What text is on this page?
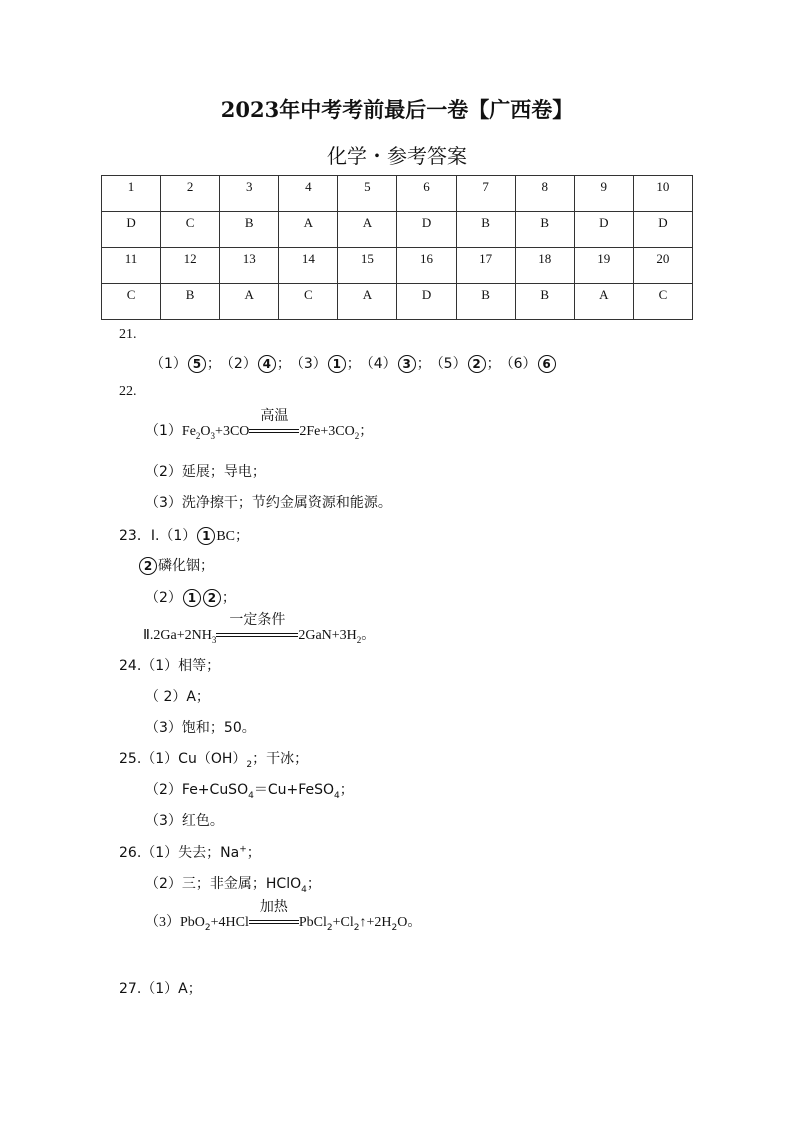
2023年中考考前最后一卷【广西卷】
化学・参考答案
1	2	3	4	5	6	7	8	9	10
D	C	B	A	A	D	B	B	D	D
11	12	13	14	15	16	17	18	19	20
C	B	A	C	A	D	B	B	A	C
21.
（1） 5 ； （2） 4 ； （3） 1 ； （4） 3 ； （5） 2 ； （6） 6
22.
$(1)Fe_2O_3+3CO$
高温
$2Fe+3CO_2$；
（2）延展；导电；
（3）洗净擦干；节约金属资源和能源。
23．Ⅰ.（1） 1 BC；
2 磷化铟；
（2） 1 2 ；
$Ⅱ.2Ga+2NH_3$
一定条件
$2GaN+3H_2$。
24.（1）相等；
（ 2）A；
（3）饱和；50。
$25.(1)Cu(OH)_2$；干冰；
（2）Fe+CuSO$_4$＝Cu+FeSO$_4$；
（3）红色。
26.（1）失去；Na+；
（2）三；非金属；HClO$_4$；
（3）PbO$_2$+4HCl
加热
$PbCl_2+Cl_2↑+2H_2O$。
27.（1）A；
